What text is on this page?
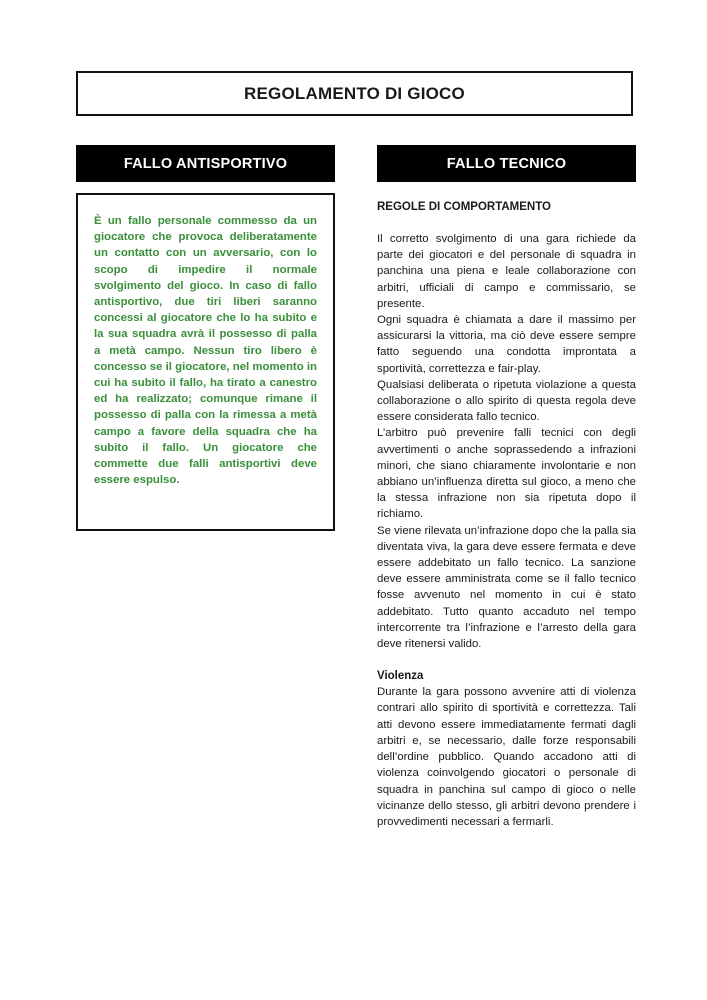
REGOLAMENTO DI GIOCO
FALLO ANTISPORTIVO	FALLO TECNICO

È un fallo personale commesso da un giocatore che provoca deliberatamente un contatto con un avversario, con lo scopo di impedire il normale svolgimento del gioco. In caso di fallo antisportivo, due tiri liberi saranno concessi al giocatore che lo ha subito e la sua squadra avrà il possesso di palla a metà campo. Nessun tiro libero è concesso se il giocatore, nel momento in cui ha subito il fallo, ha tirato a canestro ed ha realizzato; comunque rimane il possesso di palla con la rimessa a metà campo a favore della squadra che ha subito il fallo. Un giocatore che commette due falli antisportivi deve essere espulso.

REGOLE DI COMPORTAMENTO

Il corretto svolgimento di una gara richiede da parte dei giocatori e del personale di squadra in panchina una piena e leale collaborazione con arbitri, ufficiali di campo e commissario, se presente.

Ogni squadra è chiamata a dare il massimo per assicurarsi la vittoria, ma ciò deve essere sempre fatto seguendo una condotta improntata a sportività, correttezza e fair-play.

Qualsiasi deliberata o ripetuta violazione a questa collaborazione o allo spirito di questa regola deve essere considerata fallo tecnico.

L’arbitro può prevenire falli tecnici con degli avvertimenti o anche soprassedendo a infrazioni minori, che siano chiaramente involontarie e non abbiano un’influenza diretta sul gioco, a meno che la stessa infrazione non sia ripetuta dopo il richiamo.

Se viene rilevata un’infrazione dopo che la palla sia diventata viva, la gara deve essere fermata e deve essere addebitato un fallo tecnico. La sanzione deve essere amministrata come se il fallo tecnico fosse avvenuto nel momento in cui è stato addebitato. Tutto quanto accaduto nel tempo intercorrente tra l’infrazione e l’arresto della gara deve ritenersi valido.

Violenza

Durante la gara possono avvenire atti di violenza contrari allo spirito di sportività e correttezza. Tali atti devono essere immediatamente fermati dagli arbitri e, se necessario, dalle forze responsabili dell’ordine pubblico. Quando accadono atti di violenza coinvolgendo giocatori o personale di squadra in panchina sul campo di gioco o nelle vicinanze dello stesso, gli arbitri devono prendere i provvedimenti necessari a fermarli.
